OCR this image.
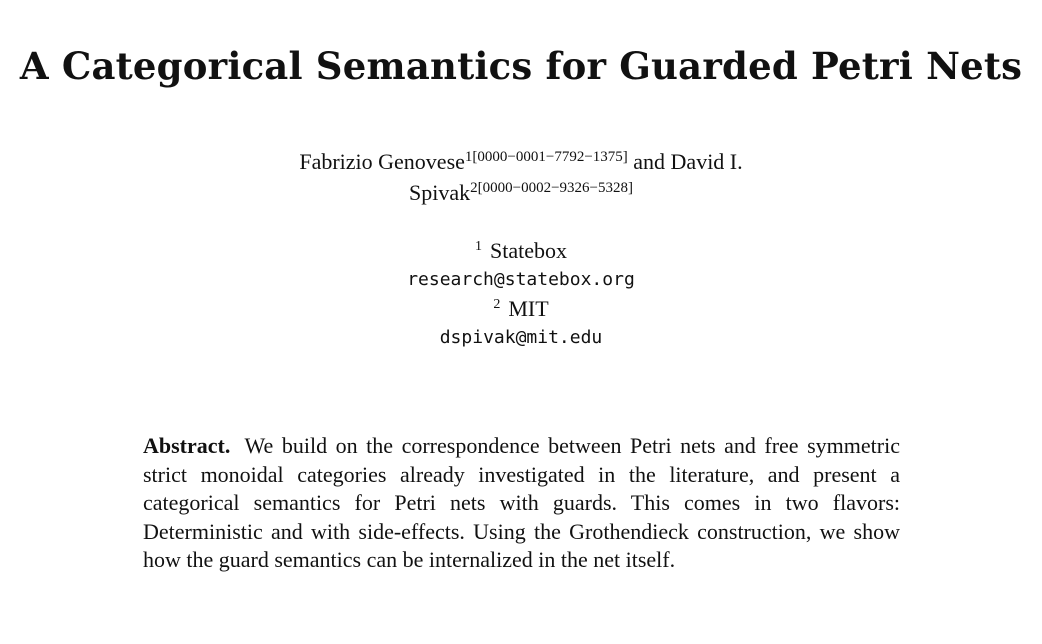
A Categorical Semantics for Guarded Petri Nets
Fabrizio Genovese$^{1[0000-0001-7792-1375]}$ and David I.
Spivak$^{2[0000-0002-9326-5328]}$
$^1$ Statebox
research@statebox.org
$^2$ MIT
dspivak@mit.edu
Abstract. We build on the correspondence between Petri nets and free symmetric strict monoidal categories already investigated in the literature, and present a categorical semantics for Petri nets with guards. This comes in two flavors: Deterministic and with side-effects. Using the Grothendieck construction, we show how the guard semantics can be internalized in the net itself.
